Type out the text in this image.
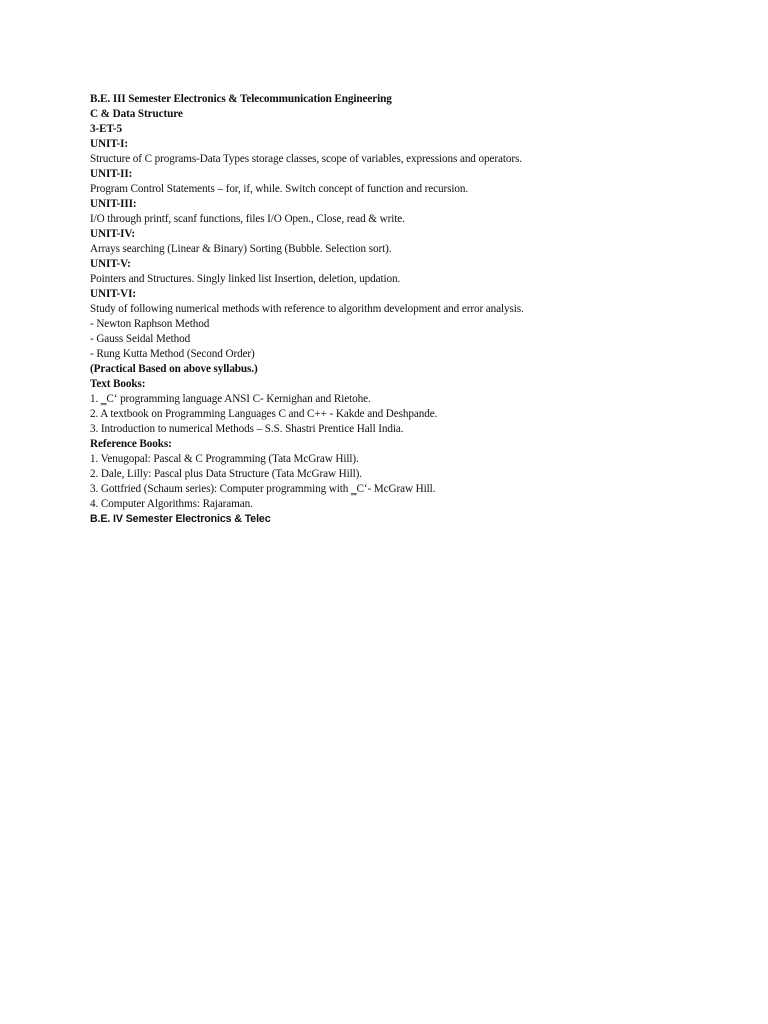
B.E. III Semester Electronics & Telecommunication Engineering
C & Data Structure
3-ET-5
UNIT-I:
Structure of C programs-Data Types storage classes, scope of variables, expressions and operators.
UNIT-II:
Program Control Statements – for, if, while. Switch concept of function and recursion.
UNIT-III:
I/O through printf, scanf functions, files I/O Open., Close, read & write.
UNIT-IV:
Arrays searching (Linear & Binary) Sorting (Bubble. Selection sort).
UNIT-V:
Pointers and Structures. Singly linked list Insertion, deletion, updation.
UNIT-VI:
Study of following numerical methods with reference to algorithm development and error analysis.
- Newton Raphson Method
- Gauss Seidal Method
- Rung Kutta Method (Second Order)
(Practical Based on above syllabus.)
Text Books:
1. ‗C‘ programming language ANSI C- Kernighan and Rietohe.
2. A textbook on Programming Languages C and C++ - Kakde and Deshpande.
3. Introduction to numerical Methods – S.S. Shastri Prentice Hall India.
Reference Books:
1. Venugopal: Pascal & C Programming (Tata McGraw Hill).
2. Dale, Lilly: Pascal plus Data Structure (Tata McGraw Hill).
3. Gottfried (Schaum series): Computer programming with ‗C‘- McGraw Hill.
4. Computer Algorithms: Rajaraman.
B.E. IV Semester Electronics & Telec
